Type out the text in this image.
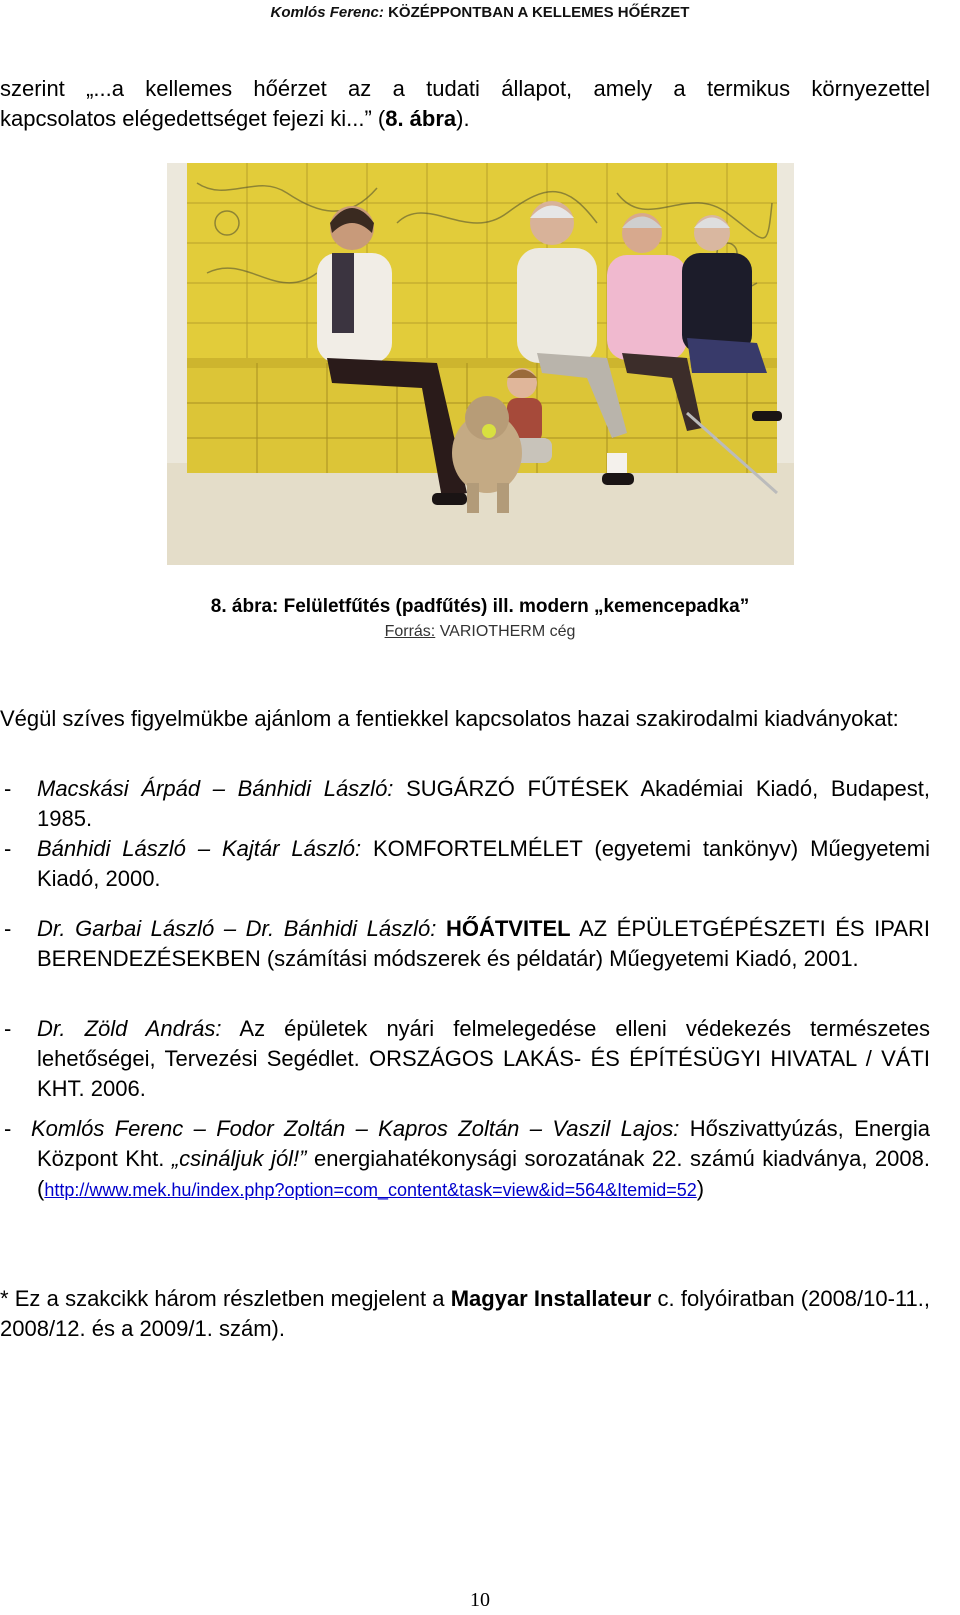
Komlós Ferenc: KÖZÉPPONTBAN A KELLEMES HŐÉRZET
szerint „...a kellemes hőérzet az a tudati állapot, amely a termikus környezettel
kapcsolatos elégedettséget fejezi ki...” (8. ábra).
8. ábra: Felületfűtés (padfűtés) ill. modern „kemencepadka”
Forrás: VARIOTHERM cég
Végül szíves figyelmükbe ajánlom a fentiekkel kapcsolatos hazai szakirodalmi kiadványokat:
- Macskási Árpád – Bánhidi László: SUGÁRZÓ FŰTÉSEK Akadémiai Kiadó, Budapest, 1985.
- Bánhidi László – Kajtár László: KOMFORTELMÉLET (egyetemi tankönyv) Műegyetemi Kiadó, 2000.
- Dr. Garbai László – Dr. Bánhidi László: HŐÁTVITEL AZ ÉPÜLETGÉPÉSZETI ÉS IPARI BERENDEZÉSEKBEN (számítási módszerek és példatár) Műegyetemi Kiadó, 2001.
- Dr. Zöld András: Az épületek nyári felmelegedése elleni védekezés természetes lehetőségei, Tervezési Segédlet. ORSZÁGOS LAKÁS- ÉS ÉPÍTÉSÜGYI HIVATAL / VÁTI KHT. 2006.
- Komlós Ferenc – Fodor Zoltán – Kapros Zoltán – Vaszil Lajos: Hőszivattyúzás, Energia Központ Kht. „csináljuk jól!” energiahatékonysági sorozatának 22. számú kiadványa, 2008. (http://www.mek.hu/index.php?option=com_content&task=view&id=564&Itemid=52)
* Ez a szakcikk három részletben megjelent a Magyar Installateur c. folyóiratban (2008/10-11., 2008/12. és a 2009/1. szám).
10
